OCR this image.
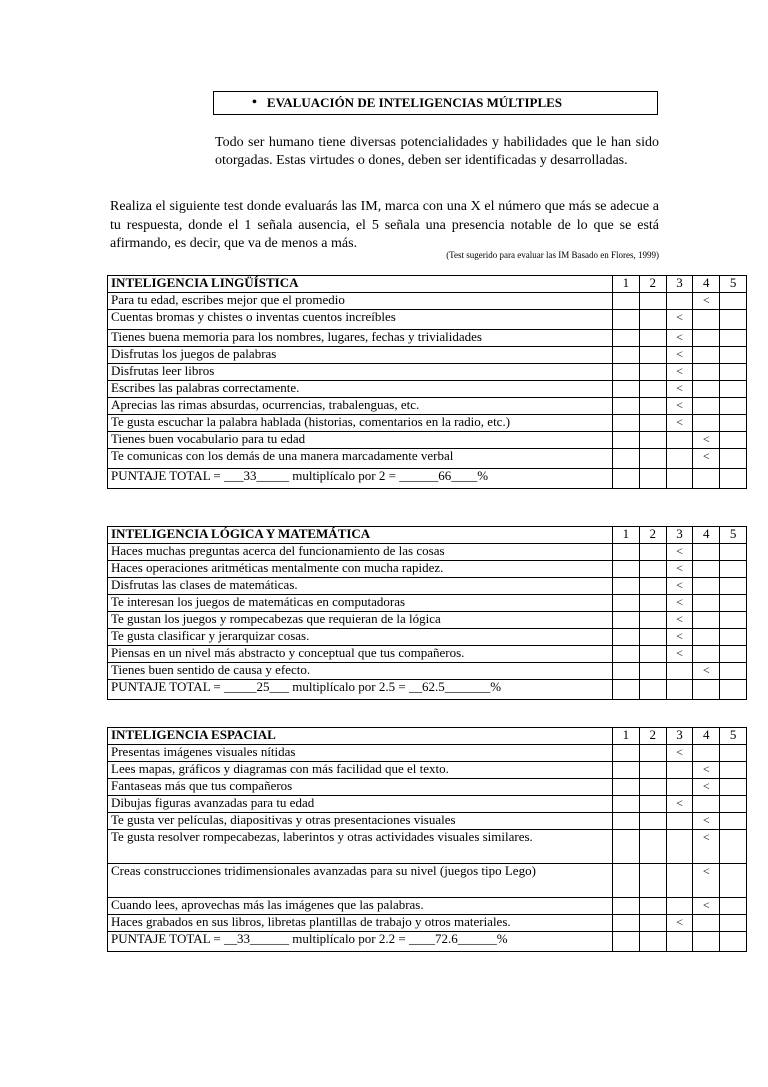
• EVALUACIÓN DE INTELIGENCIAS MÚLTIPLES
Todo ser humano tiene diversas potencialidades y habilidades que le han sido otorgadas. Estas virtudes o dones, deben ser identificadas y desarrolladas.
Realiza el siguiente test donde evaluarás las IM, marca con una X el número que más se adecue a tu respuesta, donde el 1 señala ausencia, el 5 señala una presencia notable de lo que se está afirmando, es decir, que va de menos a más.
(Test sugerido para evaluar las IM Basado en Flores, 1999)
INTELIGENCIA LINGÜÍSTICA	1	2	3	4	5
Para tu edad, escribes mejor que el promedio				<	
Cuentas bromas y chistes o inventas cuentos increíbles			<		
Tienes buena memoria para los nombres, lugares, fechas y trivialidades			<		
Disfrutas los juegos de palabras			<		
Disfrutas leer libros			<		
Escribes las palabras correctamente.			<		
Aprecias las rimas absurdas, ocurrencias, trabalenguas, etc.			<		
Te gusta escuchar la palabra hablada (historias, comentarios en la radio, etc.)			<		
Tienes buen vocabulario para tu edad				<	
Te comunicas con los demás de una manera marcadamente verbal				<	
PUNTAJE TOTAL = ___33_____ multiplícalo por 2 = ______66____%					
INTELIGENCIA LÓGICA Y MATEMÁTICA	1	2	3	4	5
Haces muchas preguntas acerca del funcionamiento de las cosas			<		
Haces operaciones aritméticas mentalmente con mucha rapidez.			<		
Disfrutas las clases de matemáticas.			<		
Te interesan los juegos de matemáticas en computadoras			<		
Te gustan los juegos y rompecabezas que requieran de la lógica			<		
Te gusta clasificar y jerarquizar cosas.			<		
Piensas en un nivel más abstracto y conceptual que tus compañeros.			<		
Tienes buen sentido de causa y efecto.				<	
PUNTAJE TOTAL = _____25___ multiplícalo por 2.5 = __62.5_______%					
INTELIGENCIA ESPACIAL	1	2	3	4	5
Presentas imágenes visuales nítidas			<		
Lees mapas, gráficos y diagramas con más facilidad que el texto.				<	
Fantaseas más que tus compañeros				<	
Dibujas figuras avanzadas para tu edad			<		
Te gusta ver películas, diapositivas y otras presentaciones visuales				<	
Te gusta resolver rompecabezas, laberintos y otras actividades visuales similares.				<	
Creas construcciones tridimensionales avanzadas para su nivel (juegos tipo Lego)				<	
Cuando lees, aprovechas más las imágenes que las palabras.				<	
Haces grabados en sus libros, libretas plantillas de trabajo y otros materiales.			<		
PUNTAJE TOTAL = __33______ multiplícalo por 2.2 = ____72.6______%					
